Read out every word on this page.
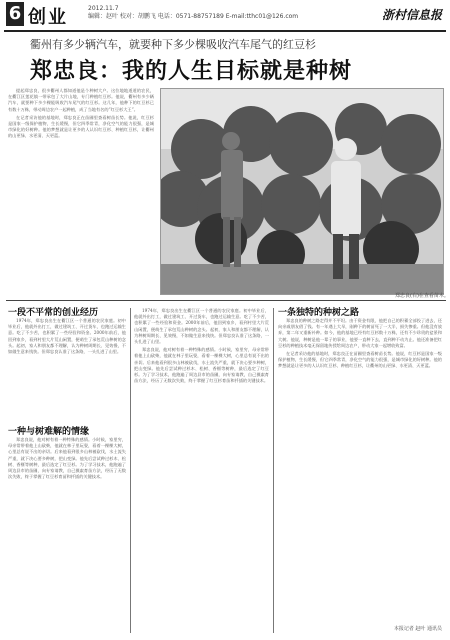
6 创业	2012.11.7
编辑：赵叶 校对：胡鹏飞 电话：0571-88757189 E-mail:tthc01@126.com	浙村信息报
衢州有多少辆汽车，就要种下多少棵吸收汽车尾气的红豆杉
郑忠良：我的人生目标就是种树

提起郑忠良，很多衢州人都知道他是个种树大户。这位地地道道的农民，在衢江区莲花镇一带承包了大片山地，专门种植红豆杉。他说，衢州有多少辆汽车，就要种下多少棵能吸收汽车尾气的红豆杉。这几年，他种下的红豆杉已有数十万株，带动周边农户一起种植，成了当地有名的“红豆杉大王”。

在记者采访他的基地时，郑忠良正在苗圃里查看树苗长势。他说，红豆杉是国家一级保护植物，生长缓慢，但它四季常青，净化空气的能力很强，是城市绿化的好树种。他的梦想就是让更多的人认识红豆杉、种植红豆杉，让衢州的山更绿、水更清、天更蓝。

郑忠良(右)在查看苗木。
一段不平常的创业经历

1974年，郑忠良出生在衢江区一个普通的农民家庭。初中毕业后，他就外出打工，做过建筑工、开过货车，也跑过运输生意。吃了不少苦，也积累了一些经验和资金。2000年前后，他回到家乡，看到村里大片荒山闲置，便萌生了承包荒山种树的念头。起初，家人和朋友都不理解，认为种树周期长、见效慢，不如做生意来钱快。但郑忠良认准了这条路，一头扎进了山里。

一种与树难解的情缘

郑忠良说，他对树有着一种特殊的感情。小时候，家里穷，母亲常带着他上山砍柴，他就在林子里玩耍，看着一棵棵大树，心里总有说不出的亲切。后来他看到很多山林被砍伐，水土流失严重，就下决心要多种树，把山变绿。他先后尝试种过杉木、松树、香榧等树种，最后选定了红豆杉。为了学习技术，他跑遍了周边县市的苗圃，向专家请教，自己摸索育苗方法，经历了无数次失败，终于掌握了红豆杉育苗和扦插的关键技术。

1974年，郑忠良出生在衢江区一个普通的农民家庭。初中毕业后，他就外出打工，做过建筑工、开过货车，也跑过运输生意。吃了不少苦，也积累了一些经验和资金。2000年前后，他回到家乡，看到村里大片荒山闲置，便萌生了承包荒山种树的念头。起初，家人和朋友都不理解，认为种树周期长、见效慢，不如做生意来钱快。但郑忠良认准了这条路，一头扎进了山里。

郑忠良说，他对树有着一种特殊的感情。小时候，家里穷，母亲常带着他上山砍柴，他就在林子里玩耍，看着一棵棵大树，心里总有说不出的亲切。后来他看到很多山林被砍伐，水土流失严重，就下决心要多种树，把山变绿。他先后尝试种过杉木、松树、香榧等树种，最后选定了红豆杉。为了学习技术，他跑遍了周边县市的苗圃，向专家请教，自己摸索育苗方法，经历了无数次失败，终于掌握了红豆杉育苗和扦插的关键技术。

一条独特的种树之路

郑忠良的种树之路走得并不平坦。由于资金有限，他把自己的积蓄全部投了进去，还向亲戚朋友借了钱。有一年遇上大旱，刚种下的树苗死了一大半，损失惨重。但他没有放弃，第二年又重新补种。如今，他的基地已经有红豆杉数十万株，还有不少珍贵的盆景和大树。他说，种树是他一辈子的事业，他要一直种下去，直到种不动为止。他还准备把红豆杉的种植技术毫无保留地传授给周边农户，带动大家一起增收致富。

在记者采访他的基地时，郑忠良正在苗圃里查看树苗长势。他说，红豆杉是国家一级保护植物，生长缓慢，但它四季常青，净化空气的能力很强，是城市绿化的好树种。他的梦想就是让更多的人认识红豆杉、种植红豆杉，让衢州的山更绿、水更清、天更蓝。

本报记者 赵叶 通讯员
